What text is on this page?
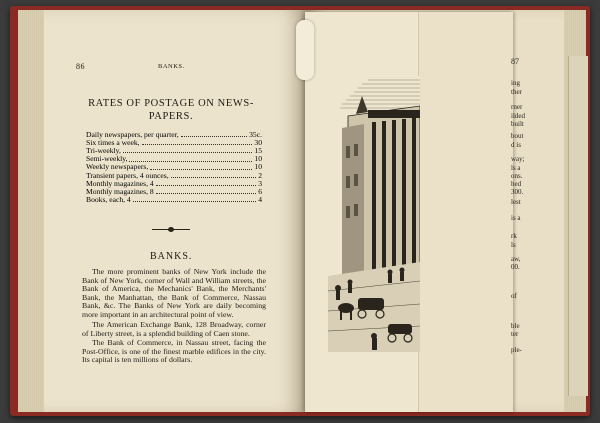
86	BANKS.
RATES OF POSTAGE ON NEWS-
PAPERS.
Daily newspapers, per quarter,	35c.
Six times a week,	30
Tri-weekly,	15
Semi-weekly,	10
Weekly newspapers,	10
Transient papers, 4 ounces,	2
Monthly magazines, 4	3
Monthly magazines, 8	6
Books, each, 4	4
BANKS.
The more prominent banks of New York include the Bank of New York, corner of Wall and William streets, the Bank of America, the Mechanics' Bank, the Merchants' Bank, the Manhattan, the Bank of Commerce, Nassau Bank, &c. The Banks of New York are daily becoming more important in an architectural point of view.
The American Exchange Bank, 128 Broadway, corner of Liberty street, is a splendid building of Caen stone.
The Bank of Commerce, in Nassau street, facing the Post-Office, is one of the finest marble edifices in the city. Its capital is ten millions of dollars.
87
ing
ther
rner
ilded
built
bout
d is
way;
ls a
ons.
hed
300.
lest
is a
rk
ls
aw,
00.
of
ble
ter
ple-
